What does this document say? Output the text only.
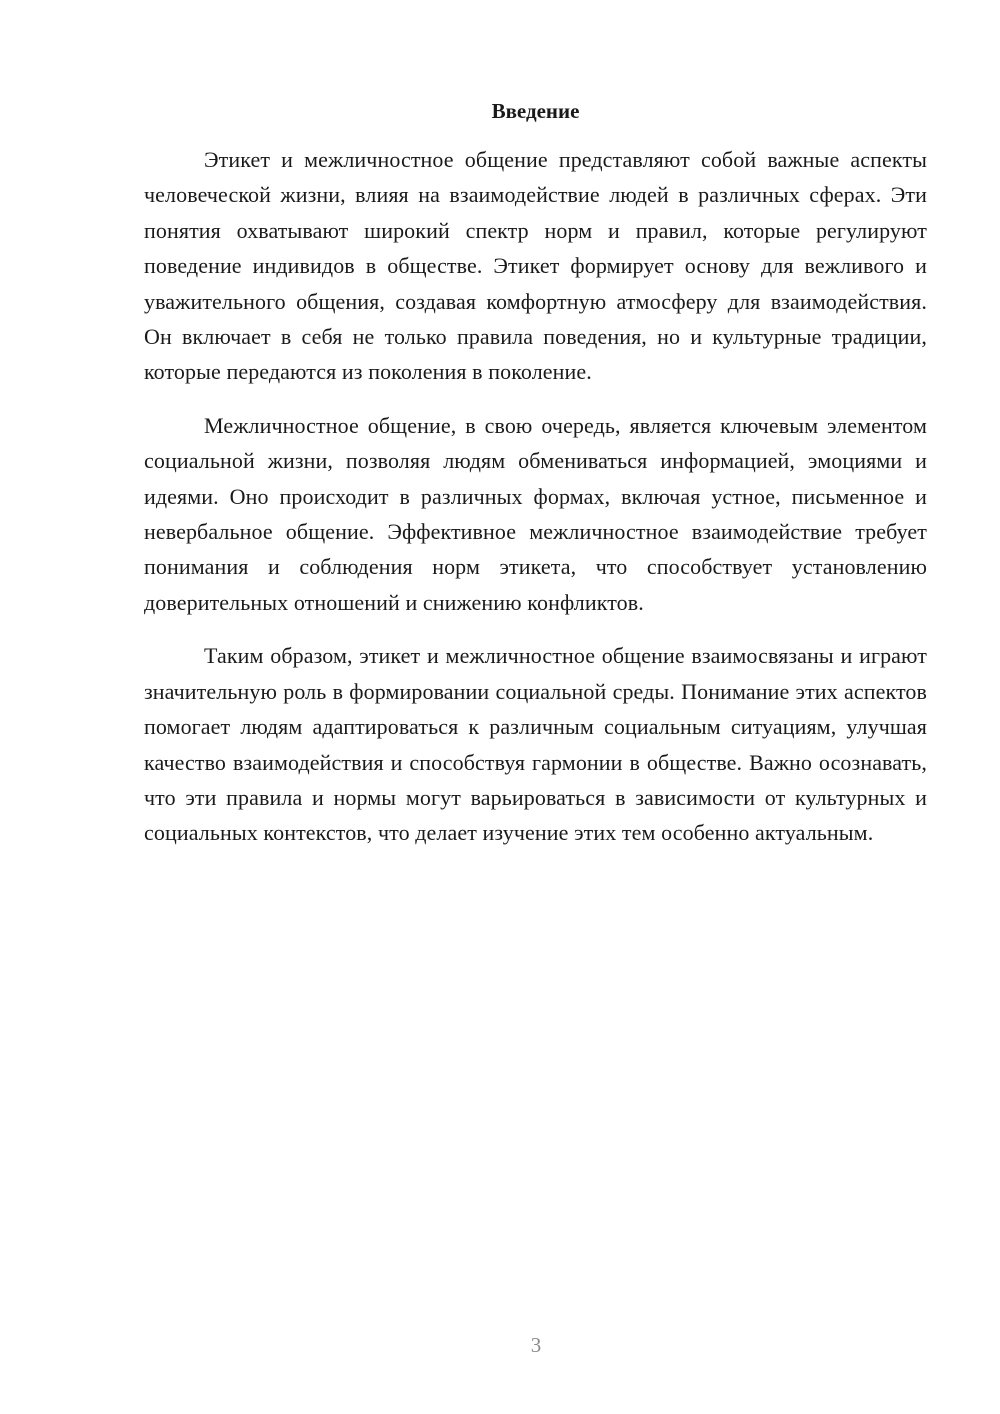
Введение

Этикет и межличностное общение представляют собой важные аспекты человеческой жизни, влияя на взаимодействие людей в различных сферах. Эти понятия охватывают широкий спектр норм и правил, которые регулируют поведение индивидов в обществе. Этикет формирует основу для вежливого и уважительного общения, создавая комфортную атмосферу для взаимодействия. Он включает в себя не только правила поведения, но и культурные традиции, которые передаются из поколения в поколение.

Межличностное общение, в свою очередь, является ключевым элементом социальной жизни, позволяя людям обмениваться информацией, эмоциями и идеями. Оно происходит в различных формах, включая устное, письменное и невербальное общение. Эффективное межличностное взаимодействие требует понимания и соблюдения норм этикета, что способствует установлению доверительных отношений и снижению конфликтов.

Таким образом, этикет и межличностное общение взаимосвязаны и играют значительную роль в формировании социальной среды. Понимание этих аспектов помогает людям адаптироваться к различным социальным ситуациям, улучшая качество взаимодействия и способствуя гармонии в обществе. Важно осознавать, что эти правила и нормы могут варьироваться в зависимости от культурных и социальных контекстов, что делает изучение этих тем особенно актуальным.

3
